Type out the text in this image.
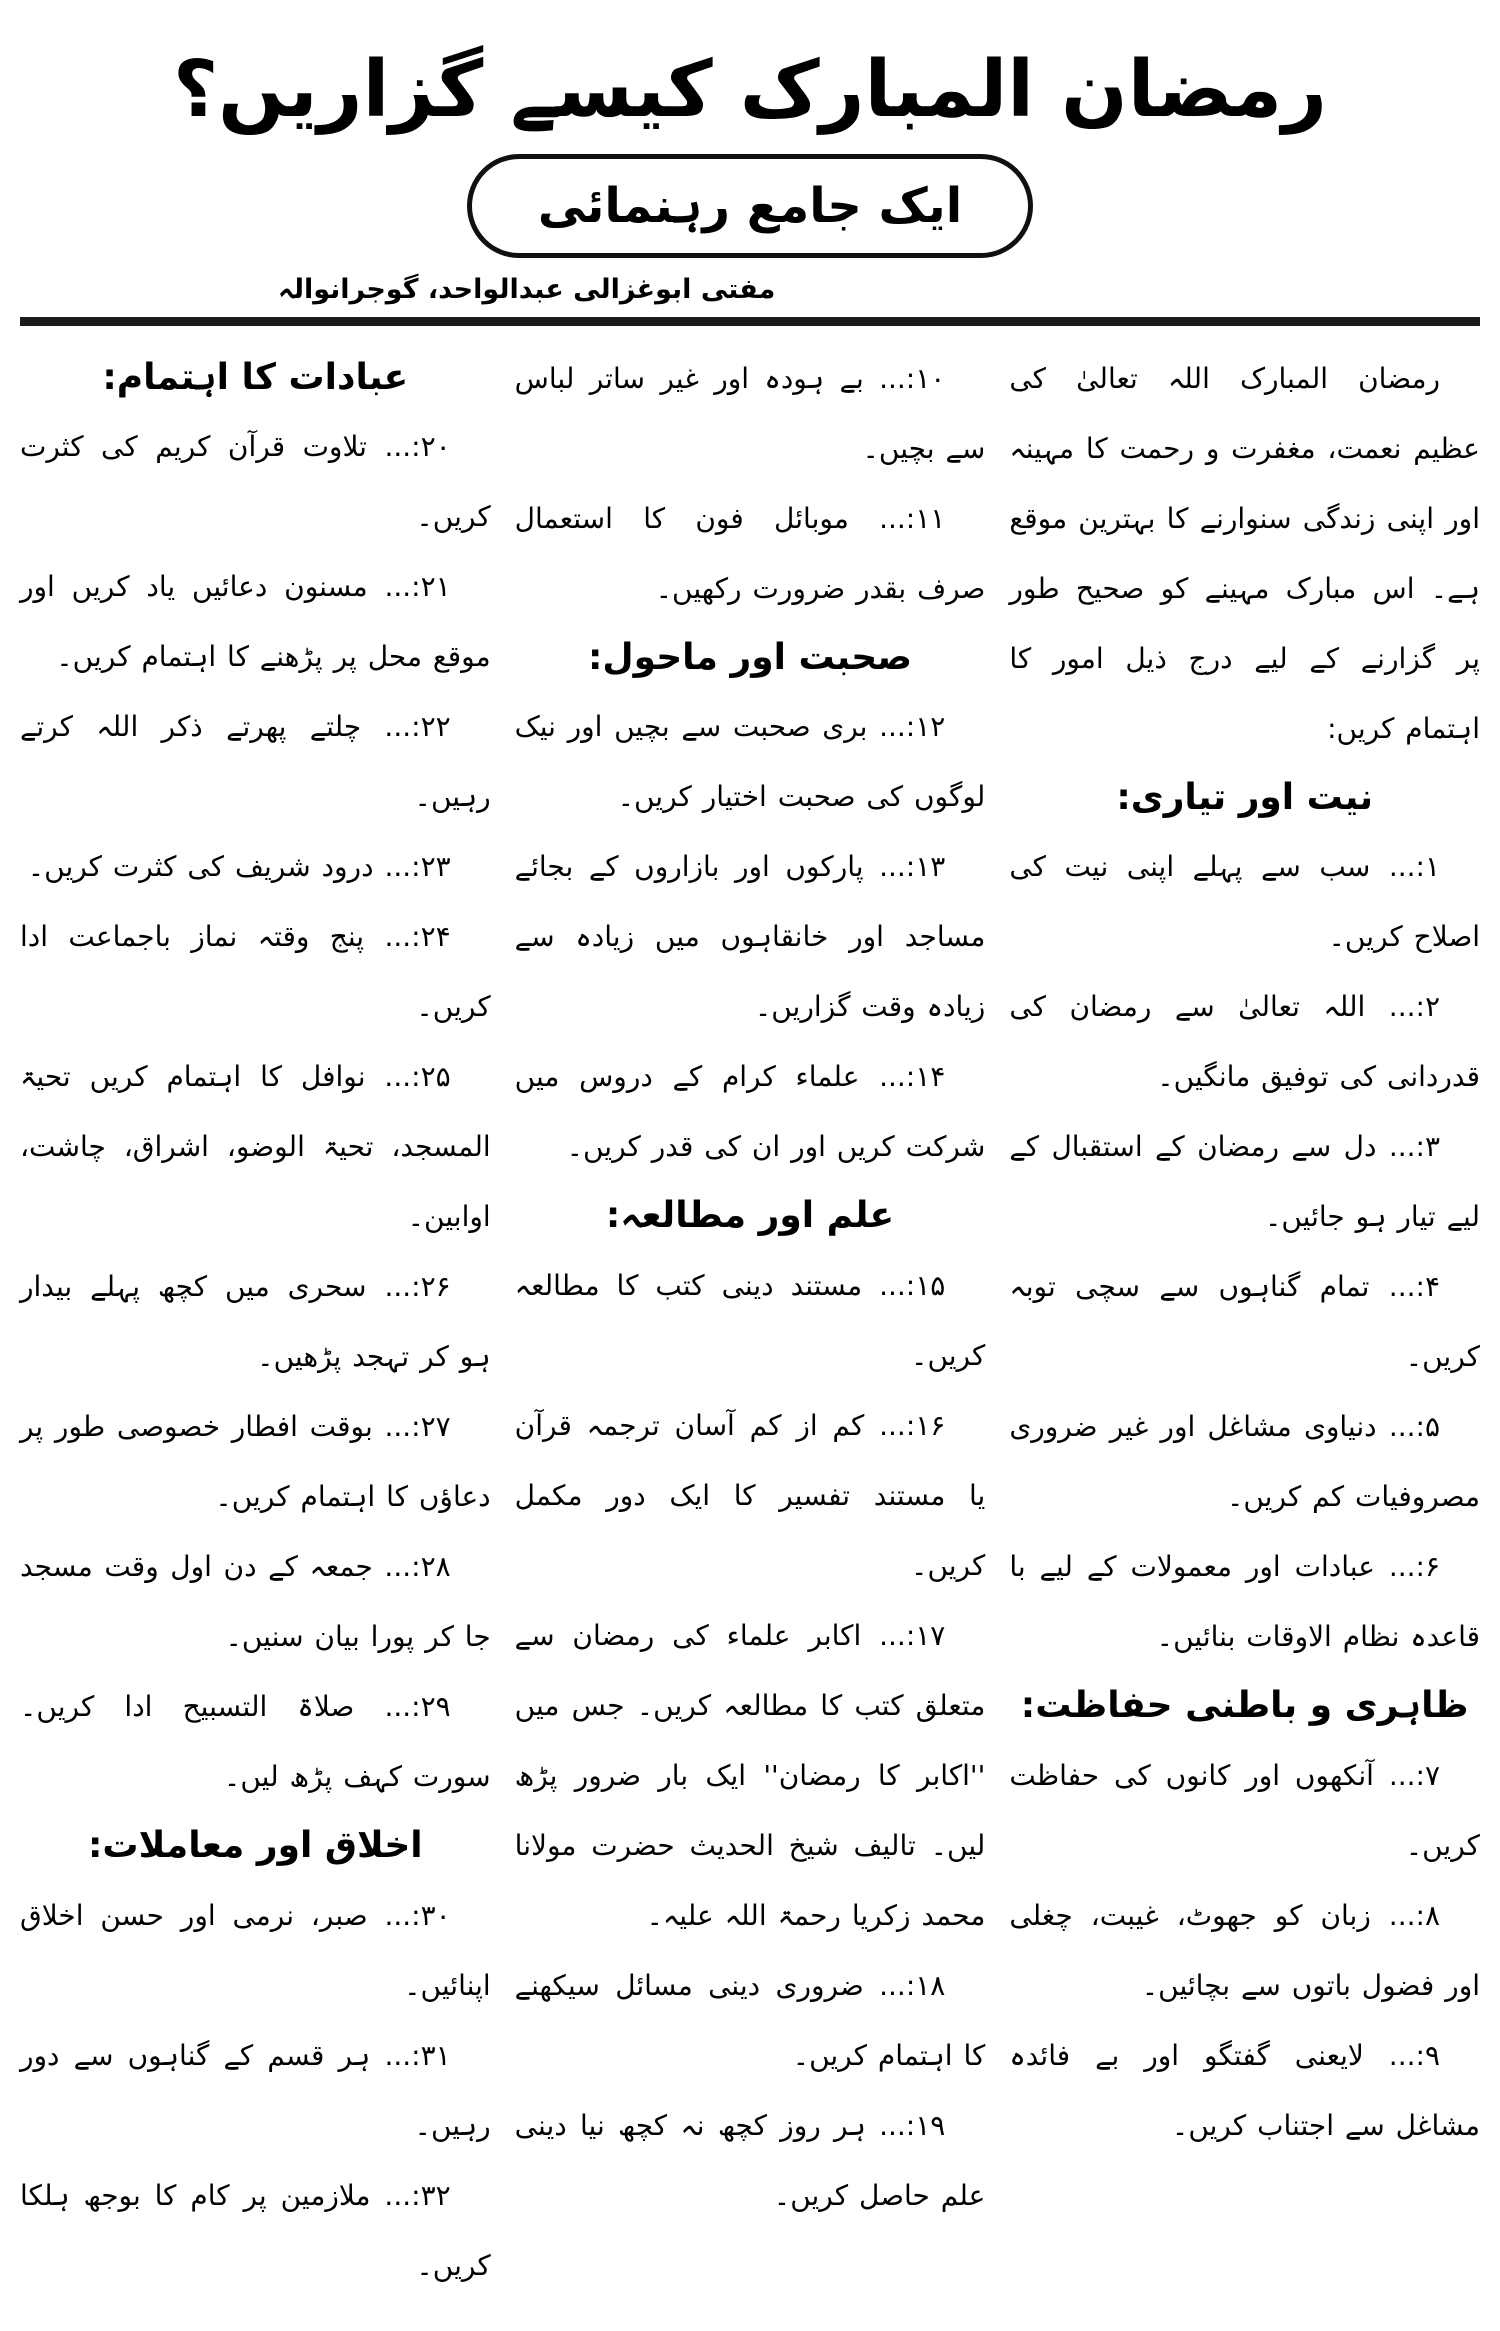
رمضان المبارک کیسے گزاریں؟
ایک جامع رہنمائی
مفتی ابوغزالی عبدالواحد، گوجرانوالہ

رمضان المبارک اللہ تعالیٰ کی عظیم نعمت، مغفرت و رحمت کا مہینہ اور اپنی زندگی سنوارنے کا بہترین موقع ہے۔ اس مبارک مہینے کو صحیح طور پر گزارنے کے لیے درج ذیل امور کا اہتمام کریں:

نیت اور تیاری:

۱:... سب سے پہلے اپنی نیت کی اصلاح کریں۔

۲:... اللہ تعالیٰ سے رمضان کی قدردانی کی توفیق مانگیں۔

۳:... دل سے رمضان کے استقبال کے لیے تیار ہو جائیں۔

۴:... تمام گناہوں سے سچی توبہ کریں۔

۵:... دنیاوی مشاغل اور غیر ضروری مصروفیات کم کریں۔

۶:... عبادات اور معمولات کے لیے با قاعدہ نظام الاوقات بنائیں۔

ظاہری و باطنی حفاظت:

۷:... آنکھوں اور کانوں کی حفاظت کریں۔

۸:... زبان کو جھوٹ، غیبت، چغلی اور فضول باتوں سے بچائیں۔

۹:... لایعنی گفتگو اور بے فائدہ مشاغل سے اجتناب کریں۔

۱۰:... بے ہودہ اور غیر ساتر لباس سے بچیں۔

۱۱:... موبائل فون کا استعمال صرف بقدر ضرورت رکھیں۔

صحبت اور ماحول:

۱۲:... بری صحبت سے بچیں اور نیک لوگوں کی صحبت اختیار کریں۔

۱۳:... پارکوں اور بازاروں کے بجائے مساجد اور خانقاہوں میں زیادہ سے زیادہ وقت گزاریں۔

۱۴:... علماء کرام کے دروس میں شرکت کریں اور ان کی قدر کریں۔

علم اور مطالعہ:

۱۵:... مستند دینی کتب کا مطالعہ کریں۔

۱۶:... کم از کم آسان ترجمہ قرآن یا مستند تفسیر کا ایک دور مکمل کریں۔

۱۷:... اکابر علماء کی رمضان سے متعلق کتب کا مطالعہ کریں۔ جس میں ''اکابر کا رمضان'' ایک بار ضرور پڑھ لیں۔ تالیف شیخ الحدیث حضرت مولانا محمد زکریا رحمۃ اللہ علیہ۔

۱۸:... ضروری دینی مسائل سیکھنے کا اہتمام کریں۔

۱۹:... ہر روز کچھ نہ کچھ نیا دینی علم حاصل کریں۔

عبادات کا اہتمام:

۲۰:... تلاوت قرآن کریم کی کثرت کریں۔

۲۱:... مسنون دعائیں یاد کریں اور موقع محل پر پڑھنے کا اہتمام کریں۔

۲۲:... چلتے پھرتے ذکر اللہ کرتے رہیں۔

۲۳:... درود شریف کی کثرت کریں۔

۲۴:... پنج وقتہ نماز باجماعت ادا کریں۔

۲۵:... نوافل کا اہتمام کریں تحیۃ المسجد، تحیۃ الوضو، اشراق، چاشت، اوابین۔

۲۶:... سحری میں کچھ پہلے بیدار ہو کر تہجد پڑھیں۔

۲۷:... بوقت افطار خصوصی طور پر دعاؤں کا اہتمام کریں۔

۲۸:... جمعہ کے دن اول وقت مسجد جا کر پورا بیان سنیں۔

۲۹:... صلاۃ التسبیح ادا کریں۔ سورت کہف پڑھ لیں۔

اخلاق اور معاملات:

۳۰:... صبر، نرمی اور حسن اخلاق اپنائیں۔

۳۱:... ہر قسم کے گناہوں سے دور رہیں۔

۳۲:... ملازمین پر کام کا بوجھ ہلکا کریں۔
